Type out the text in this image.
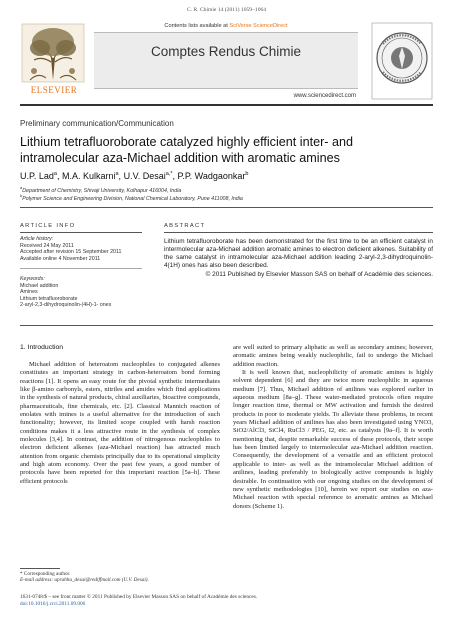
C. R. Chimie 14 (2011) 1059–1064
ELSEVIER
Contents lists available at SciVerse ScienceDirect
Comptes Rendus Chimie
www.sciencedirect.com
Preliminary communication/Communication
Lithium tetrafluoroborate catalyzed highly efficient inter- and intramolecular aza-Michael addition with aromatic amines
U.P. Lad$^a$, M.A. Kulkarni$^a$, U.V. Desai$^{a,*}$, P.P. Wadgaonkar$^b$
$^a$Department of Chemistry, Shivaji University, Kolhapur 416004, India
$^b$Polymer Science and Engineering Division, National Chemical Laboratory, Pune 411008, India
ARTICLE INFO	ABSTRACT
Article history:
Received 24 May 2011
Accepted after revision 15 September 2011
Available online 4 November 2011
Keywords:
Michael addition
Amines
Lithium tetrafluoroborate
2-aryl-2,3-dihydroquinolin-(4H)-1- ones
Lithium tetrafluoroborate has been demonstrated for the first time to be an efficient catalyst in intermolecular aza-Michael addition aromatic amines to electron deficient alkenes. Suitability of the same catalyst in intramolecular aza-Michael addition leading 2-aryl-2,3-dihydroquinolin-4(1H) ones has also been described.
© 2011 Published by Elsevier Masson SAS on behalf of Académie des sciences.
1. Introduction

Michael addition of heteroatom nucleophiles to conjugated alkenes constitutes an important strategy in carbon-heteroatom bond forming reactions [1]. It opens an easy route for the pivotal synthetic intermediates like β-amino carbonyls, esters, nitriles and amides which find applications in the synthesis of natural products, chiral auxiliaries, bioactive compounds, pharmaceuticals, fine chemicals, etc. [2]. Classical Mannich reaction of enolates with imines is a useful alternative for the introduction of such functionality; however, its limited scope coupled with harsh reaction conditions makes it a less attractive route in the synthesis of complex molecules [3,4]. In contrast, the addition of nitrogenous nucleophiles to electron deficient alkenes (aza-Michael reaction) has attracted much attention from organic chemists principally due to its operational simplicity and high atom economy. Over the past few years, a good number of protocols have been reported for this important reaction [5a–h]. These efficient protocols

are well suited to primary aliphatic as well as secondary amines; however, aromatic amines being weakly nucleophilic, fail to undergo the Michael addition reaction.

It is well known that, nucleophilicity of aromatic amines is highly solvent dependent [6] and they are twice more nucleophilic in aqueous medium [7]. Thus, Michael addition of anilines was explored earlier in aqueous medium [8a–g]. These water-mediated protocols often require longer reaction time, thermal or MW activation and furnish the desired products in poor to moderate yields. To alleviate these problems, in recent years Michael addition of anilines has also been investigated using YNO3, SiO2/AlCl3, SiCl4, RuCl3 / PEG, I2, etc. as catalysts [9a–f]. It is worth mentioning that, despite remarkable success of these protocols, their scope has been limited largely to intermolecular aza-Michael addition reaction. Consequently, the development of a versatile and an efficient protocol applicable to inter- as well as the intramolecular Michael addition of anilines, leading preferably to biologically active compounds is highly desirable. In continuation with our ongoing studies on the development of new synthetic methodologies [10], herein we report our studies on aza-Michael reaction with special reference to aromatic amines as Michael donors (Scheme 1).

* Corresponding author.
E-mail address: uprahhu_desai@rediffmail.com (U.V. Desai).
1631-0748/$ – see front matter © 2011 Published by Elsevier Masson SAS on behalf of Académie des sciences.
doi:10.1016/j.crci.2011.09.006
